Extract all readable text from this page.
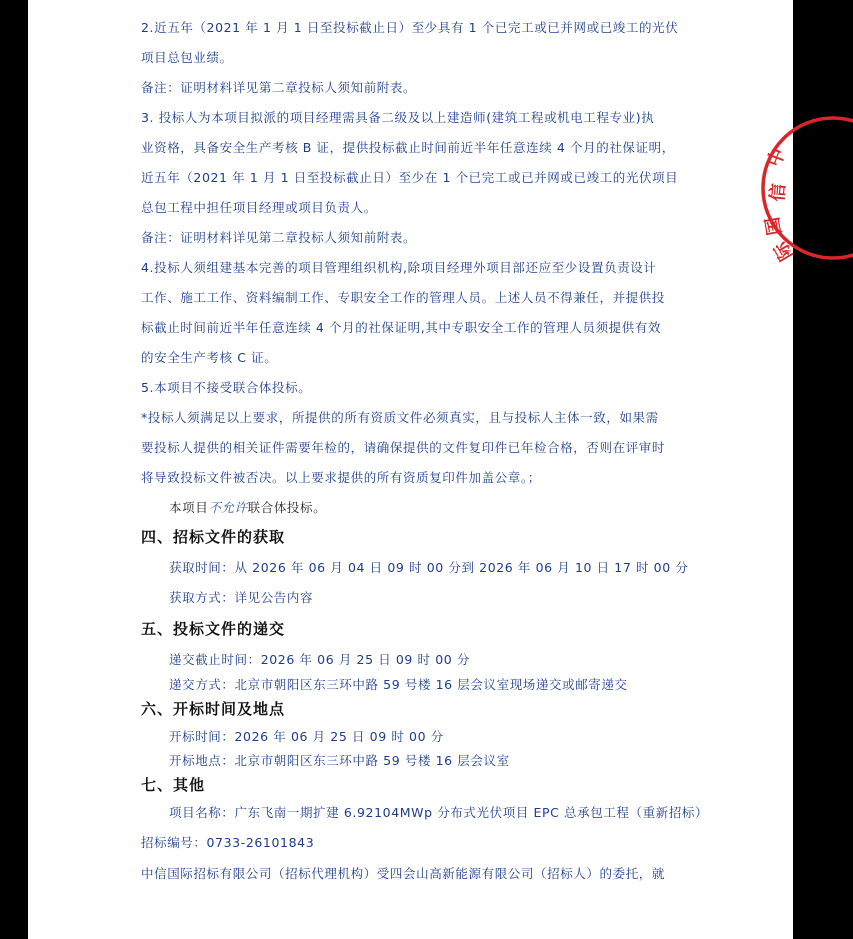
2.近五年（2021 年 1 月 1 日至投标截止日）至少具有 1 个已完工或已并网或已竣工的光伏
项目总包业绩。
备注：证明材料详见第二章投标人须知前附表。
3. 投标人为本项目拟派的项目经理需具备二级及以上建造师(建筑工程或机电工程专业)执
业资格，具备安全生产考核 B 证，提供投标截止时间前近半年任意连续 4 个月的社保证明，
近五年（2021 年 1 月 1 日至投标截止日）至少在 1 个已完工或已并网或已竣工的光伏项目
总包工程中担任项目经理或项目负责人。
备注：证明材料详见第二章投标人须知前附表。
4.投标人须组建基本完善的项目管理组织机构,除项目经理外项目部还应至少设置负责设计
工作、施工工作、资料编制工作、专职安全工作的管理人员。上述人员不得兼任，并提供投
标截止时间前近半年任意连续 4 个月的社保证明,其中专职安全工作的管理人员须提供有效
的安全生产考核 C 证。
5.本项目不接受联合体投标。
*投标人须满足以上要求，所提供的所有资质文件必须真实，且与投标人主体一致，如果需
要投标人提供的相关证件需要年检的，请确保提供的文件复印件已年检合格，否则在评审时
将导致投标文件被否决。以上要求提供的所有资质复印件加盖公章。；
本项目不允许联合体投标。
四、招标文件的获取
获取时间：从 2026 年 06 月 04 日 09 时 00 分到 2026 年 06 月 10 日 17 时 00 分
获取方式：详见公告内容
五、投标文件的递交
递交截止时间：2026 年 06 月 25 日 09 时 00 分
递交方式：北京市朝阳区东三环中路 59 号楼 16 层会议室现场递交或邮寄递交
六、开标时间及地点
开标时间：2026 年 06 月 25 日 09 时 00 分
开标地点：北京市朝阳区东三环中路 59 号楼 16 层会议室
七、其他
项目名称：广东飞南一期扩建 6.92104MWp 分布式光伏项目 EPC 总承包工程（重新招标）
招标编号：0733-26101843
中信国际招标有限公司（招标代理机构）受四会山高新能源有限公司（招标人）的委托，就
中
信
国
际
